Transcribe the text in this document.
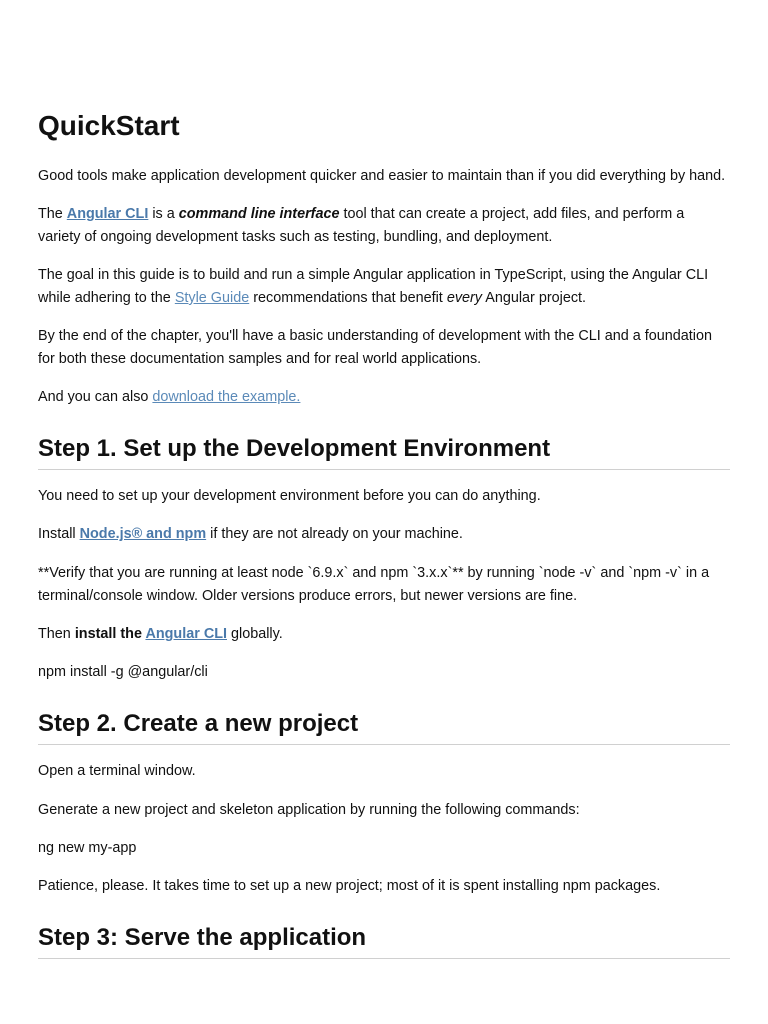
QuickStart

Good tools make application development quicker and easier to maintain than if you did everything by hand.

The Angular CLI is a command line interface tool that can create a project, add files, and perform a variety of ongoing development tasks such as testing, bundling, and deployment.

The goal in this guide is to build and run a simple Angular application in TypeScript, using the Angular CLI while adhering to the Style Guide recommendations that benefit every Angular project.

By the end of the chapter, you'll have a basic understanding of development with the CLI and a foundation for both these documentation samples and for real world applications.

And you can also download the example.

Step 1. Set up the Development Environment

You need to set up your development environment before you can do anything.

Install Node.js® and npm if they are not already on your machine.

**Verify that you are running at least node `6.9.x` and npm `3.x.x`** by running `node -v` and `npm -v` in a terminal/console window. Older versions produce errors, but newer versions are fine.

Then install the Angular CLI globally.

npm install -g @angular/cli

Step 2. Create a new project

Open a terminal window.

Generate a new project and skeleton application by running the following commands:

ng new my-app

Patience, please. It takes time to set up a new project; most of it is spent installing npm packages.

Step 3: Serve the application
